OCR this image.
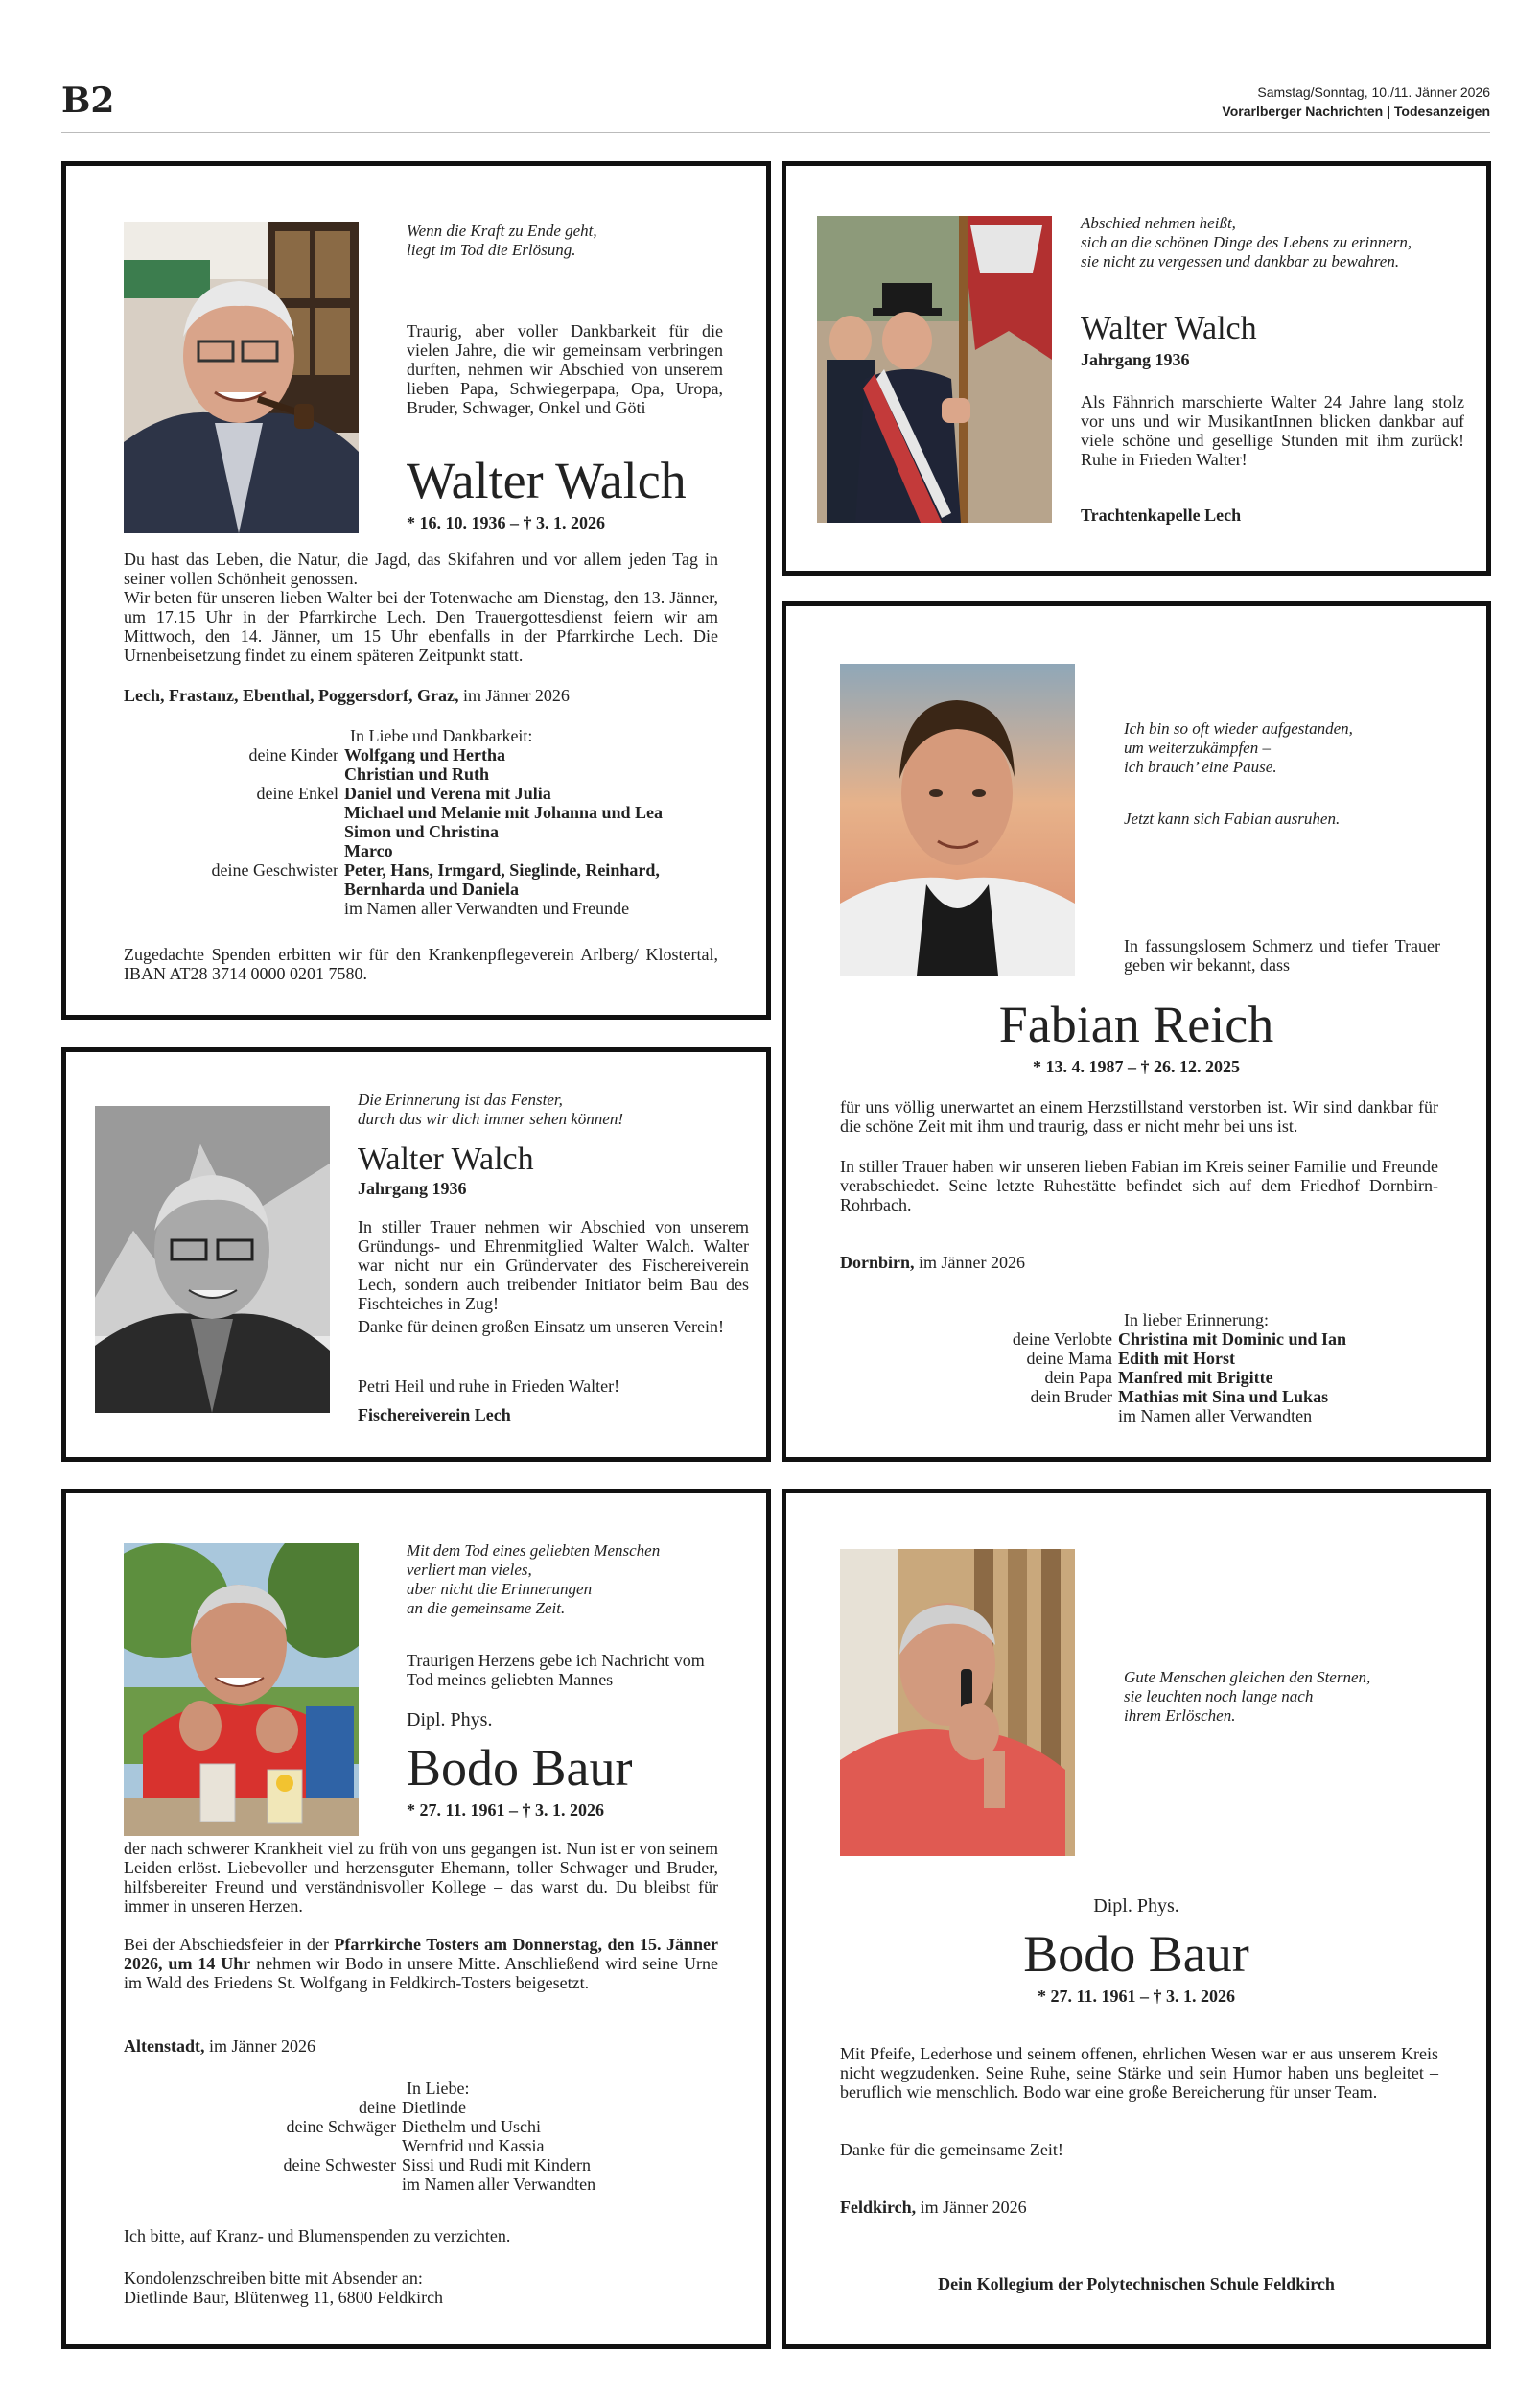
B2	Samstag/Sonntag, 10./11. Jänner 2026
Vorarlberger Nachrichten | Todesanzeigen
Wenn die Kraft zu Ende geht,
liegt im Tod die Erlösung.
Traurig, aber voller Dankbarkeit für die vielen Jahre, die wir gemeinsam verbringen durften, nehmen wir Abschied von unserem lieben Papa, Schwiegerpapa, Opa, Uropa, Bruder, Schwager, Onkel und Göti
Walter Walch
* 16. 10. 1936 – † 3. 1. 2026
Du hast das Leben, die Natur, die Jagd, das Skifahren und vor allem jeden Tag in seiner vollen Schönheit genossen.
Wir beten für unseren lieben Walter bei der Totenwache am Dienstag, den 13. Jänner, um 17.15 Uhr in der Pfarrkirche Lech. Den Trauergottesdienst feiern wir am Mittwoch, den 14. Jänner, um 15 Uhr ebenfalls in der Pfarrkirche Lech. Die Urnenbeisetzung findet zu einem späteren Zeitpunkt statt.
Lech, Frastanz, Ebenthal, Poggersdorf, Graz, im Jänner 2026
In Liebe und Dankbarkeit:
deine Kinder Wolfgang und Hertha
Christian und Ruth
deine Enkel Daniel und Verena mit Julia
Michael und Melanie mit Johanna und Lea
Simon und Christina
Marco
deine Geschwister Peter, Hans, Irmgard, Sieglinde, Reinhard,
Bernharda und Daniela
im Namen aller Verwandten und Freunde
Zugedachte Spenden erbitten wir für den Krankenpflegeverein Arlberg/ Klostertal, IBAN AT28 3714 0000 0201 7580.
Abschied nehmen heißt,
sich an die schönen Dinge des Lebens zu erinnern,
sie nicht zu vergessen und dankbar zu bewahren.
Walter Walch
Jahrgang 1936
Als Fähnrich marschierte Walter 24 Jahre lang stolz vor uns und wir MusikantInnen blicken dankbar auf viele schöne und gesellige Stunden mit ihm zurück! Ruhe in Frieden Walter!
Trachtenkapelle Lech
Die Erinnerung ist das Fenster,
durch das wir dich immer sehen können!
Walter Walch
Jahrgang 1936
In stiller Trauer nehmen wir Abschied von unserem Gründungs- und Ehrenmitglied Walter Walch. Walter war nicht nur ein Gründervater des Fischereiverein Lech, sondern auch treibender Initiator beim Bau des Fischteiches in Zug!
Danke für deinen großen Einsatz um unseren Verein!
Petri Heil und ruhe in Frieden Walter!
Fischereiverein Lech
Ich bin so oft wieder aufgestanden,
um weiterzukämpfen –
ich brauch’ eine Pause.
Jetzt kann sich Fabian ausruhen.
In fassungslosem Schmerz und tiefer Trauer geben wir bekannt, dass
Fabian Reich
* 13. 4. 1987 – † 26. 12. 2025
für uns völlig unerwartet an einem Herzstillstand verstorben ist. Wir sind dankbar für die schöne Zeit mit ihm und traurig, dass er nicht mehr bei uns ist.
In stiller Trauer haben wir unseren lieben Fabian im Kreis seiner Familie und Freunde verabschiedet. Seine letzte Ruhestätte befindet sich auf dem Friedhof Dornbirn-Rohrbach.
Dornbirn, im Jänner 2026
In lieber Erinnerung:
deine Verlobte Christina mit Dominic und Ian
deine Mama Edith mit Horst
dein Papa Manfred mit Brigitte
dein Bruder Mathias mit Sina und Lukas
im Namen aller Verwandten
Mit dem Tod eines geliebten Menschen
verliert man vieles,
aber nicht die Erinnerungen
an die gemeinsame Zeit.
Traurigen Herzens gebe ich Nachricht vom Tod meines geliebten Mannes
Dipl. Phys.
Bodo Baur
* 27. 11. 1961 – † 3. 1. 2026
der nach schwerer Krankheit viel zu früh von uns gegangen ist. Nun ist er von seinem Leiden erlöst. Liebevoller und herzensguter Ehemann, toller Schwager und Bruder, hilfsbereiter Freund und verständnisvoller Kollege – das warst du. Du bleibst für immer in unseren Herzen.
Bei der Abschiedsfeier in der Pfarrkirche Tosters am Donnerstag, den 15. Jänner 2026, um 14 Uhr nehmen wir Bodo in unsere Mitte. Anschließend wird seine Urne im Wald des Friedens St. Wolfgang in Feldkirch-Tosters beigesetzt.
Altenstadt, im Jänner 2026
In Liebe:
deine Dietlinde
deine Schwäger Diethelm und Uschi
Wernfrid und Kassia
deine Schwester Sissi und Rudi mit Kindern
im Namen aller Verwandten
Ich bitte, auf Kranz- und Blumenspenden zu verzichten.
Kondolenzschreiben bitte mit Absender an:
Dietlinde Baur, Blütenweg 11, 6800 Feldkirch
Gute Menschen gleichen den Sternen,
sie leuchten noch lange nach
ihrem Erlöschen.
Dipl. Phys.
Bodo Baur
* 27. 11. 1961 – † 3. 1. 2026
Mit Pfeife, Lederhose und seinem offenen, ehrlichen Wesen war er aus unserem Kreis nicht wegzudenken. Seine Ruhe, seine Stärke und sein Humor haben uns begleitet – beruflich wie menschlich. Bodo war eine große Bereicherung für unser Team.
Danke für die gemeinsame Zeit!
Feldkirch, im Jänner 2026
Dein Kollegium der Polytechnischen Schule Feldkirch
